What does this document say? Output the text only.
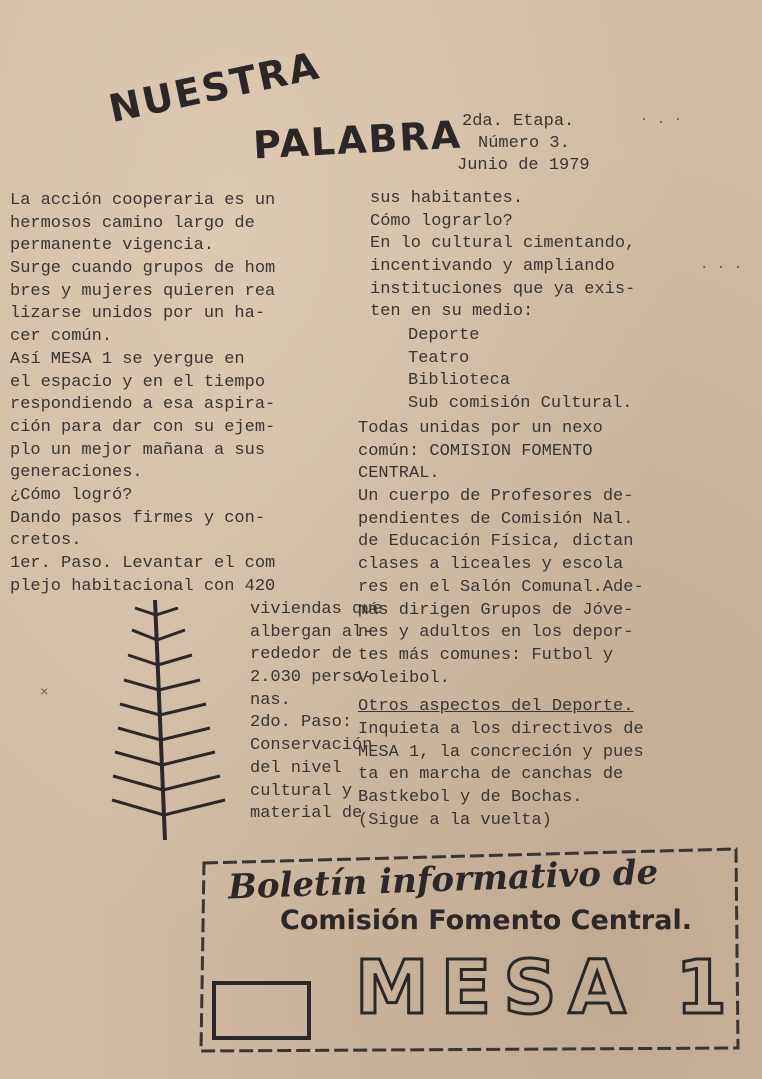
NUESTRA
PALABRA
2da. Etapa.
Número 3.
Junio de 1979
La acción cooperaria es un
hermosos camino largo de
permanente vigencia.
Surge cuando grupos de hom
bres y mujeres quieren rea
lizarse unidos por un ha-
cer común.
Así MESA 1 se yergue en
el espacio y en el tiempo
respondiendo a esa aspira-
ción para dar con su ejem-
plo un mejor mañana a sus
generaciones.
¿Cómo logró?
Dando pasos firmes y con-
cretos.
1er. Paso. Levantar el com
plejo habitacional con 420
viviendas que
albergan al-
rededor de
2.030 perso-
nas.
2do. Paso:
Conservación
del nivel
cultural y
material de
sus habitantes.
Cómo lograrlo?
En lo cultural cimentando,
incentivando y ampliando
instituciones que ya exis-
ten en su medio:
Deporte
Teatro
Biblioteca
Sub comisión Cultural.
Todas unidas por un nexo
común: COMISION FOMENTO
CENTRAL.
Un cuerpo de Profesores de-
pendientes de Comisión Nal.
de Educación Física, dictan
clases a liceales y escola
res en el Salón Comunal.Ade-
más dirigen Grupos de Jóve-
nes y adultos en los depor-
tes más comunes: Futbol y
Voleibol.
Otros aspectos del Deporte.
Inquieta a los directivos de
MESA 1, la concreción y pues
ta en marcha de canchas de
Bastkebol y de Bochas.
(Sigue a la vuelta)
Boletín informativo de
Comisión Fomento Central.
MESA 1
· . ·
· · ·
×
